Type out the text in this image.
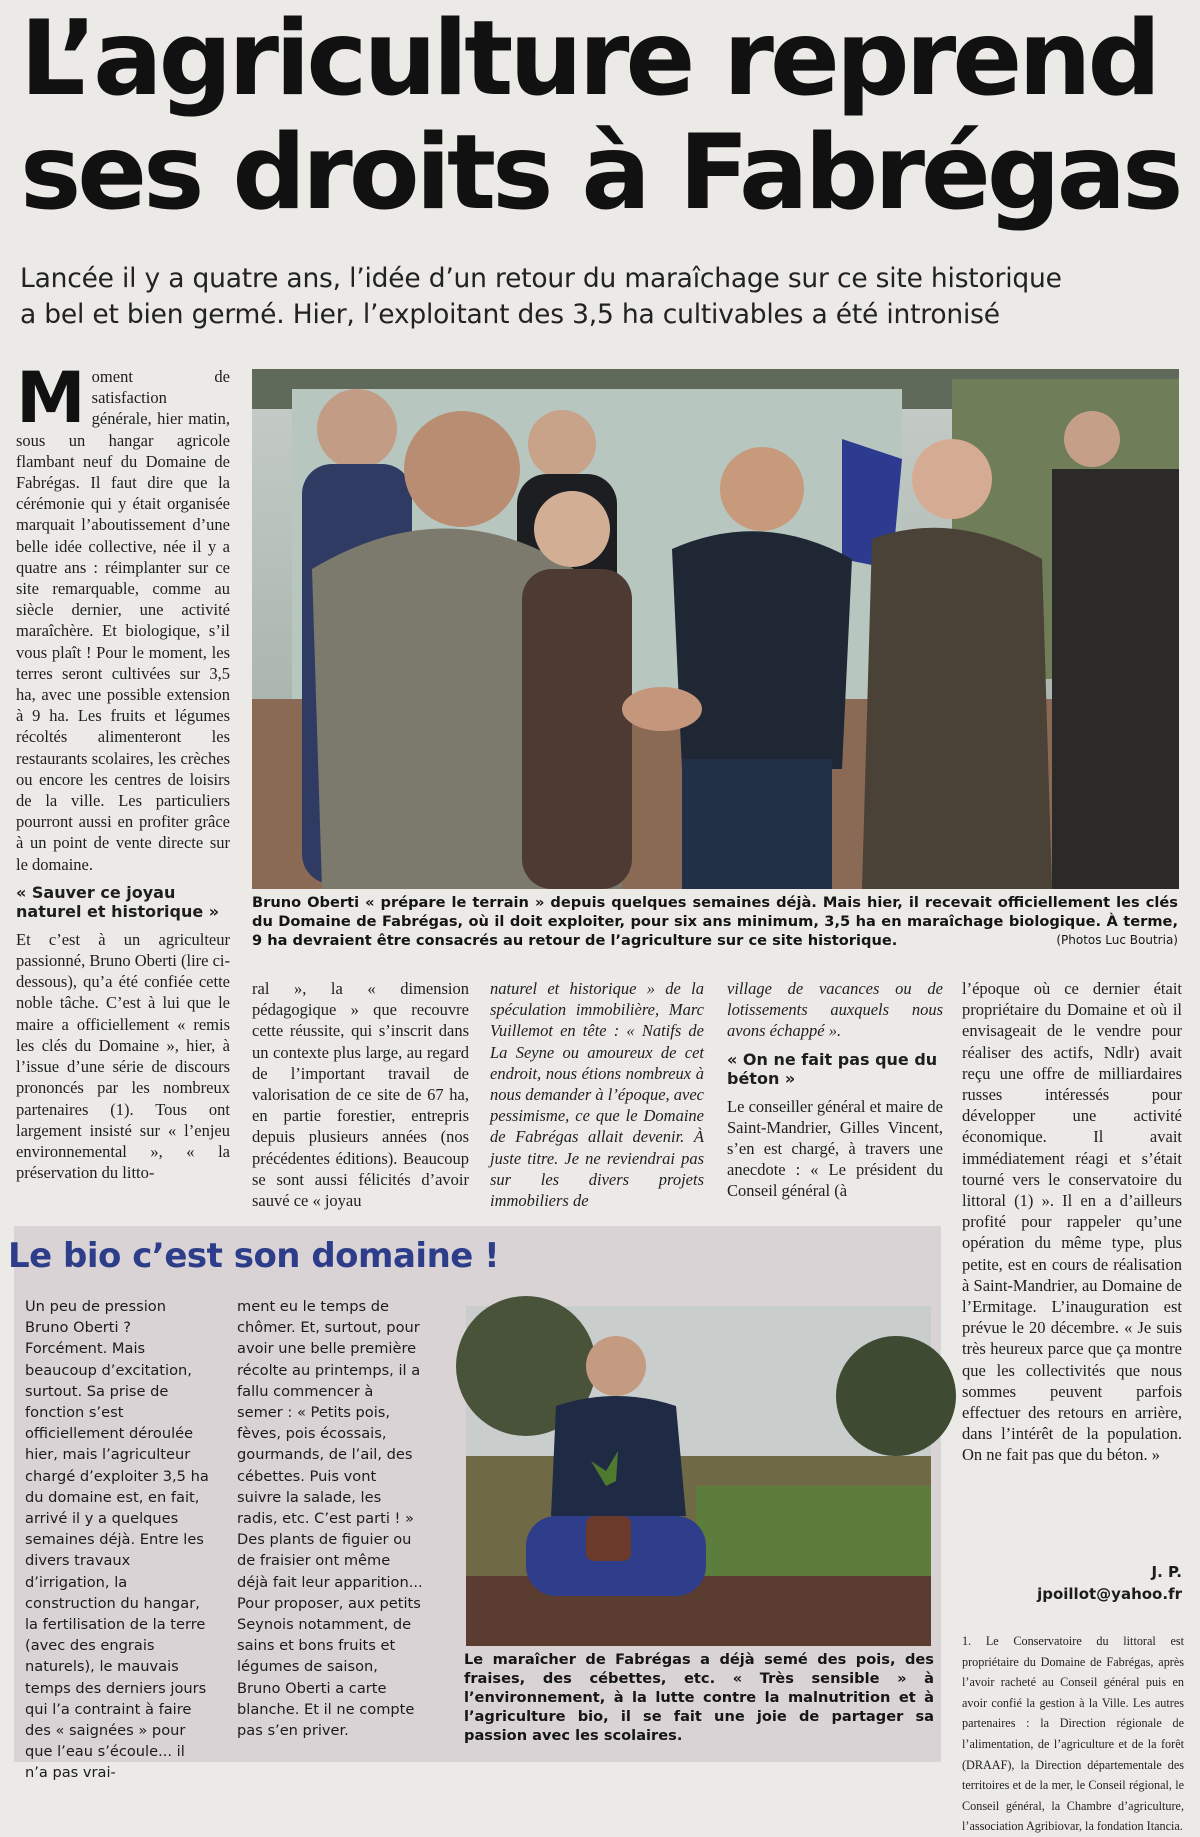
L’agriculture reprend
ses droits à Fabrégas

Lancée il y a quatre ans, l’idée d’un retour du maraîchage sur ce site historique
a bel et bien germé. Hier, l’exploitant des 3,5 ha cultivables a été intronisé

Moment de satisfaction générale, hier matin, sous un hangar agricole flambant neuf du Domaine de Fabrégas. Il faut dire que la cérémonie qui y était organisée marquait l’aboutissement d’une belle idée collective, née il y a quatre ans : réimplanter sur ce site remarquable, comme au siècle dernier, une activité maraîchère. Et biologique, s’il vous plaît ! Pour le moment, les terres seront cultivées sur 3,5 ha, avec une possible extension à 9 ha. Les fruits et légumes récoltés alimenteront les restaurants scolaires, les crèches ou encore les centres de loisirs de la ville. Les particuliers pourront aussi en profiter grâce à un point de vente directe sur le domaine.

« Sauver ce joyau naturel et historique »

Et c’est à un agriculteur passionné, Bruno Oberti (lire ci-dessous), qu’a été confiée cette noble tâche. C’est à lui que le maire a officiellement « remis les clés du Domaine », hier, à l’issue d’une série de discours prononcés par les nombreux partenaires (1). Tous ont largement insisté sur « l’enjeu environnemental », « la préservation du litto-

Bruno Oberti « prépare le terrain » depuis quelques semaines déjà. Mais hier, il recevait officiellement les clés du Domaine de Fabrégas, où il doit exploiter, pour six ans minimum, 3,5 ha en maraîchage biologique. À terme, 9 ha devraient être consacrés au retour de l’agriculture sur ce site historique.	(Photos Luc Boutria)
ral », la « dimension pédagogique » que recouvre cette réussite, qui s’inscrit dans un contexte plus large, au regard de l’important travail de valorisation de ce site de 67 ha, en partie forestier, entrepris depuis plusieurs années (nos précédentes éditions). Beaucoup se sont aussi félicités d’avoir sauvé ce « joyau
naturel et historique » de la spéculation immobilière, Marc Vuillemot en tête : « Natifs de La Seyne ou amoureux de cet endroit, nous étions nombreux à nous demander à l’époque, avec pessimisme, ce que le Domaine de Fabrégas allait devenir. À juste titre. Je ne reviendrai pas sur les divers projets immobiliers de

village de vacances ou de lotissements auxquels nous avons échappé ».

« On ne fait pas que du béton »

Le conseiller général et maire de Saint-Mandrier, Gilles Vincent, s’en est chargé, à travers une anecdote : « Le président du Conseil général (à

l’époque où ce dernier était propriétaire du Domaine et où il envisageait de le vendre pour réaliser des actifs, Ndlr) avait reçu une offre de milliardaires russes intéressés pour développer une activité économique. Il avait immédiatement réagi et s’était tourné vers le conservatoire du littoral (1) ». Il en a d’ailleurs profité pour rappeler qu’une opération du même type, plus petite, est en cours de réalisation à Saint-Mandrier, au Domaine de l’Ermitage. L’inauguration est prévue le 20 décembre. « Je suis très heureux parce que ça montre que les collectivités que nous sommes peuvent parfois effectuer des retours en arrière, dans l’intérêt de la population. On ne fait pas que du béton. »
J. P.
jpoillot@yahoo.fr
1. Le Conservatoire du littoral est propriétaire du Domaine de Fabrégas, après l’avoir racheté au Conseil général puis en avoir confié la gestion à la Ville. Les autres partenaires : la Direction régionale de l’alimentation, de l’agriculture et de la forêt (DRAAF), la Direction départementale des territoires et de la mer, le Conseil régional, le Conseil général, la Chambre d’agriculture, l’association Agribiovar, la fondation Itancia.
Le bio c’est son domaine !
Un peu de pression Bruno Oberti ? Forcément. Mais beaucoup d’excitation, surtout. Sa prise de fonction s’est officiellement déroulée hier, mais l’agriculteur chargé d’exploiter 3,5 ha du domaine est, en fait, arrivé il y a quelques semaines déjà. Entre les divers travaux d’irrigation, la construction du hangar, la fertilisation de la terre (avec des engrais naturels), le mauvais temps des derniers jours qui l’a contraint à faire des « saignées » pour que l’eau s’écoule... il n’a pas vrai-
ment eu le temps de chômer. Et, surtout, pour avoir une belle première récolte au printemps, il a fallu commencer à semer : « Petits pois, fèves, pois écossais, gourmands, de l’ail, des cébettes. Puis vont suivre la salade, les radis, etc. C’est parti ! » Des plants de figuier ou de fraisier ont même déjà fait leur apparition... Pour proposer, aux petits Seynois notamment, de sains et bons fruits et légumes de saison, Bruno Oberti a carte blanche. Et il ne compte pas s’en priver.
Le maraîcher de Fabrégas a déjà semé des pois, des fraises, des cébettes, etc. « Très sensible » à l’environnement, à la lutte contre la malnutrition et à l’agriculture bio, il se fait une joie de partager sa passion avec les scolaires.
